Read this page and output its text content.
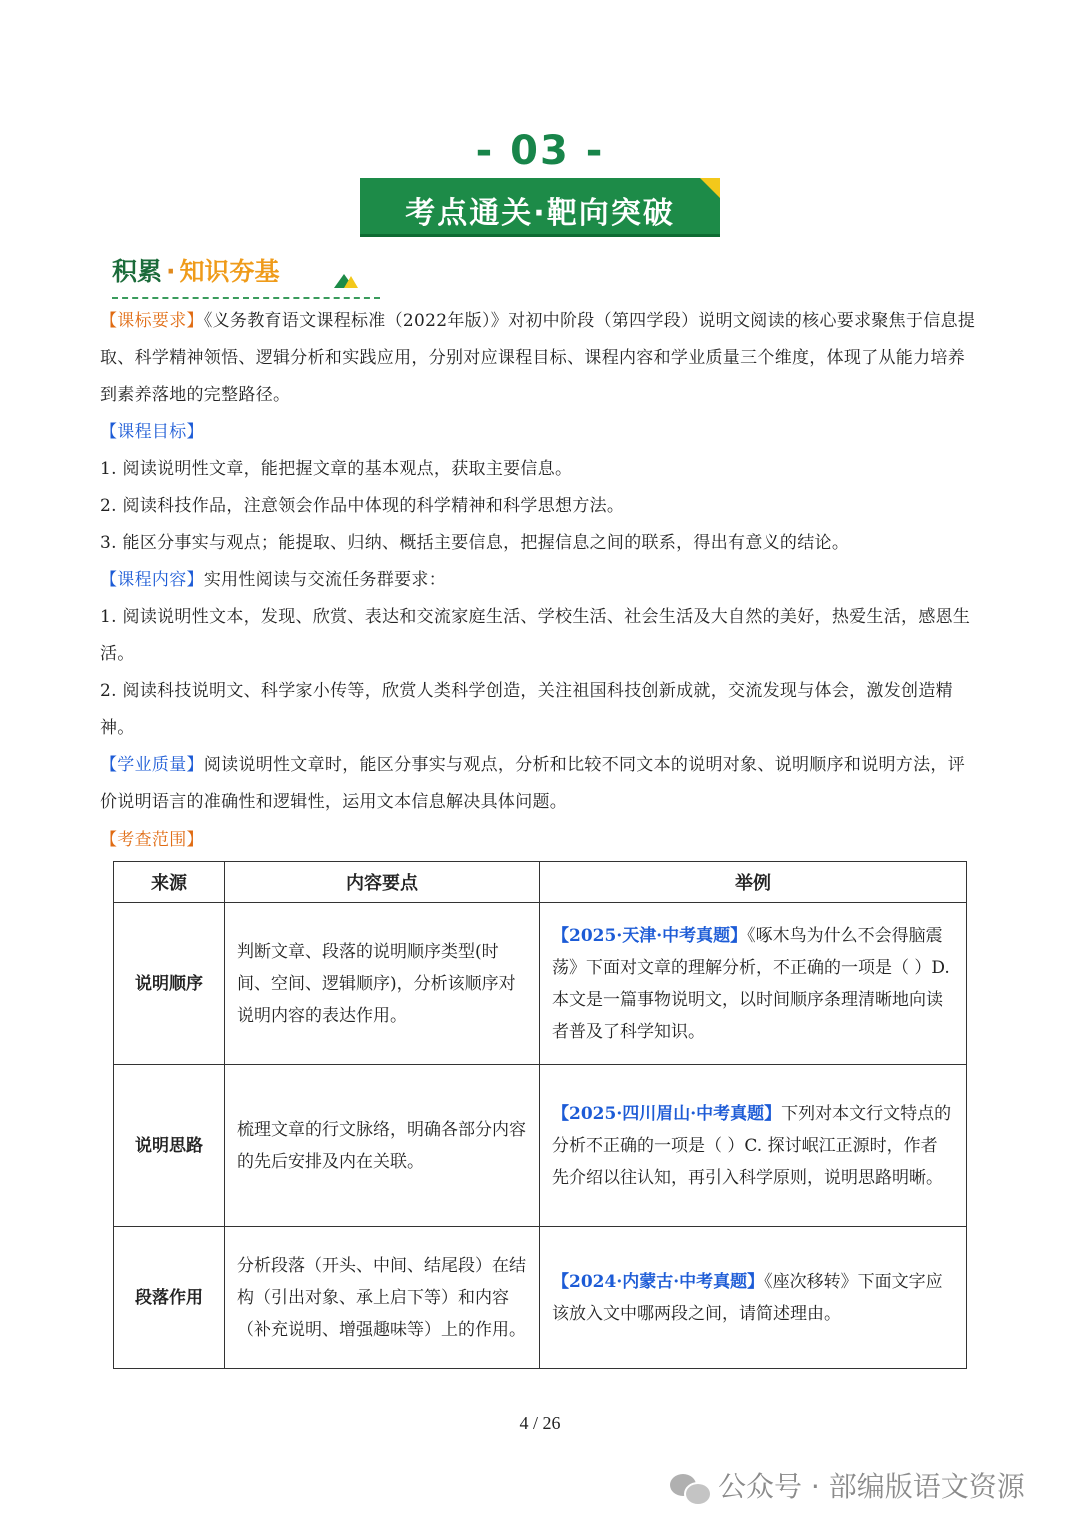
- 03 -
考点通关·靶向突破
积累 · 知识夯基
【课标要求】《义务教育语文课程标准（2022年版）》对初中阶段（第四学段）说明文阅读的核心要求聚焦于信息提取、科学精神领悟、逻辑分析和实践应用，分别对应课程目标、课程内容和学业质量三个维度，体现了从能力培养到素养落地的完整路径。
【课程目标】
1. 阅读说明性文章，能把握文章的基本观点，获取主要信息。
2. 阅读科技作品，注意领会作品中体现的科学精神和科学思想方法。
3. 能区分事实与观点；能提取、归纳、概括主要信息，把握信息之间的联系，得出有意义的结论。
【课程内容】实用性阅读与交流任务群要求：
1. 阅读说明性文本，发现、欣赏、表达和交流家庭生活、学校生活、社会生活及大自然的美好，热爱生活，感恩生活。
2. 阅读科技说明文、科学家小传等，欣赏人类科学创造，关注祖国科技创新成就，交流发现与体会，激发创造精神。
【学业质量】阅读说明性文章时，能区分事实与观点，分析和比较不同文本的说明对象、说明顺序和说明方法，评价说明语言的准确性和逻辑性，运用文本信息解决具体问题。
【考查范围】
来源	内容要点	举例
说明顺序	判断文章、段落的说明顺序类型(时间、空间、逻辑顺序)，分析该顺序对说明内容的表达作用。	【2025·天津·中考真题】《啄木鸟为什么不会得脑震荡》下面对文章的理解分析，不正确的一项是（ ）D. 本文是一篇事物说明文，以时间顺序条理清晰地向读者普及了科学知识。
说明思路	梳理文章的行文脉络，明确各部分内容的先后安排及内在关联。	【2025·四川眉山·中考真题】下列对本文行文特点的分析不正确的一项是（ ）C. 探讨岷江正源时，作者先介绍以往认知，再引入科学原则，说明思路明晰。
段落作用	分析段落（开头、中间、结尾段）在结构（引出对象、承上启下等）和内容（补充说明、增强趣味等）上的作用。	【2024·内蒙古·中考真题】《座次移转》下面文字应该放入文中哪两段之间，请简述理由。
4 / 26
公众号 · 部编版语文资源
